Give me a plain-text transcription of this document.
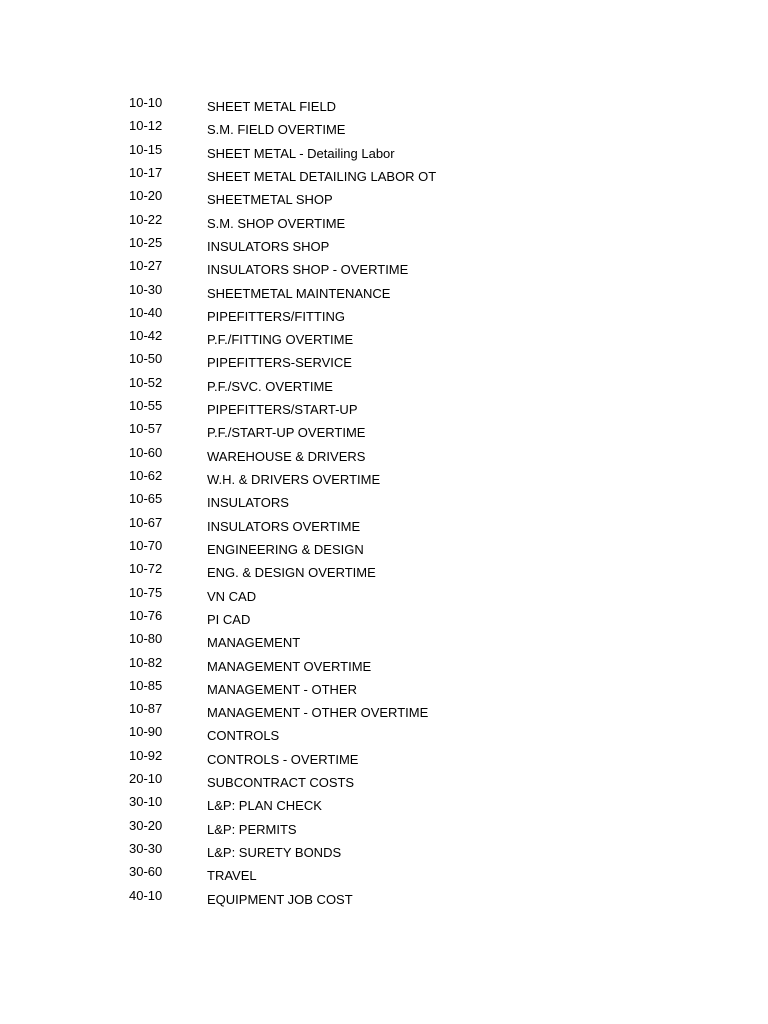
10-10	SHEET METAL FIELD
10-12	S.M. FIELD OVERTIME
10-15	SHEET METAL - Detailing Labor
10-17	SHEET METAL DETAILING LABOR OT
10-20	SHEETMETAL SHOP
10-22	S.M. SHOP OVERTIME
10-25	INSULATORS SHOP
10-27	INSULATORS SHOP - OVERTIME
10-30	SHEETMETAL MAINTENANCE
10-40	PIPEFITTERS/FITTING
10-42	P.F./FITTING OVERTIME
10-50	PIPEFITTERS-SERVICE
10-52	P.F./SVC. OVERTIME
10-55	PIPEFITTERS/START-UP
10-57	P.F./START-UP OVERTIME
10-60	WAREHOUSE & DRIVERS
10-62	W.H. & DRIVERS OVERTIME
10-65	INSULATORS
10-67	INSULATORS OVERTIME
10-70	ENGINEERING & DESIGN
10-72	ENG. & DESIGN OVERTIME
10-75	VN CAD
10-76	PI CAD
10-80	MANAGEMENT
10-82	MANAGEMENT OVERTIME
10-85	MANAGEMENT - OTHER
10-87	MANAGEMENT - OTHER OVERTIME
10-90	CONTROLS
10-92	CONTROLS - OVERTIME
20-10	SUBCONTRACT COSTS
30-10	L&P: PLAN CHECK
30-20	L&P: PERMITS
30-30	L&P: SURETY BONDS
30-60	TRAVEL
40-10	EQUIPMENT JOB COST
